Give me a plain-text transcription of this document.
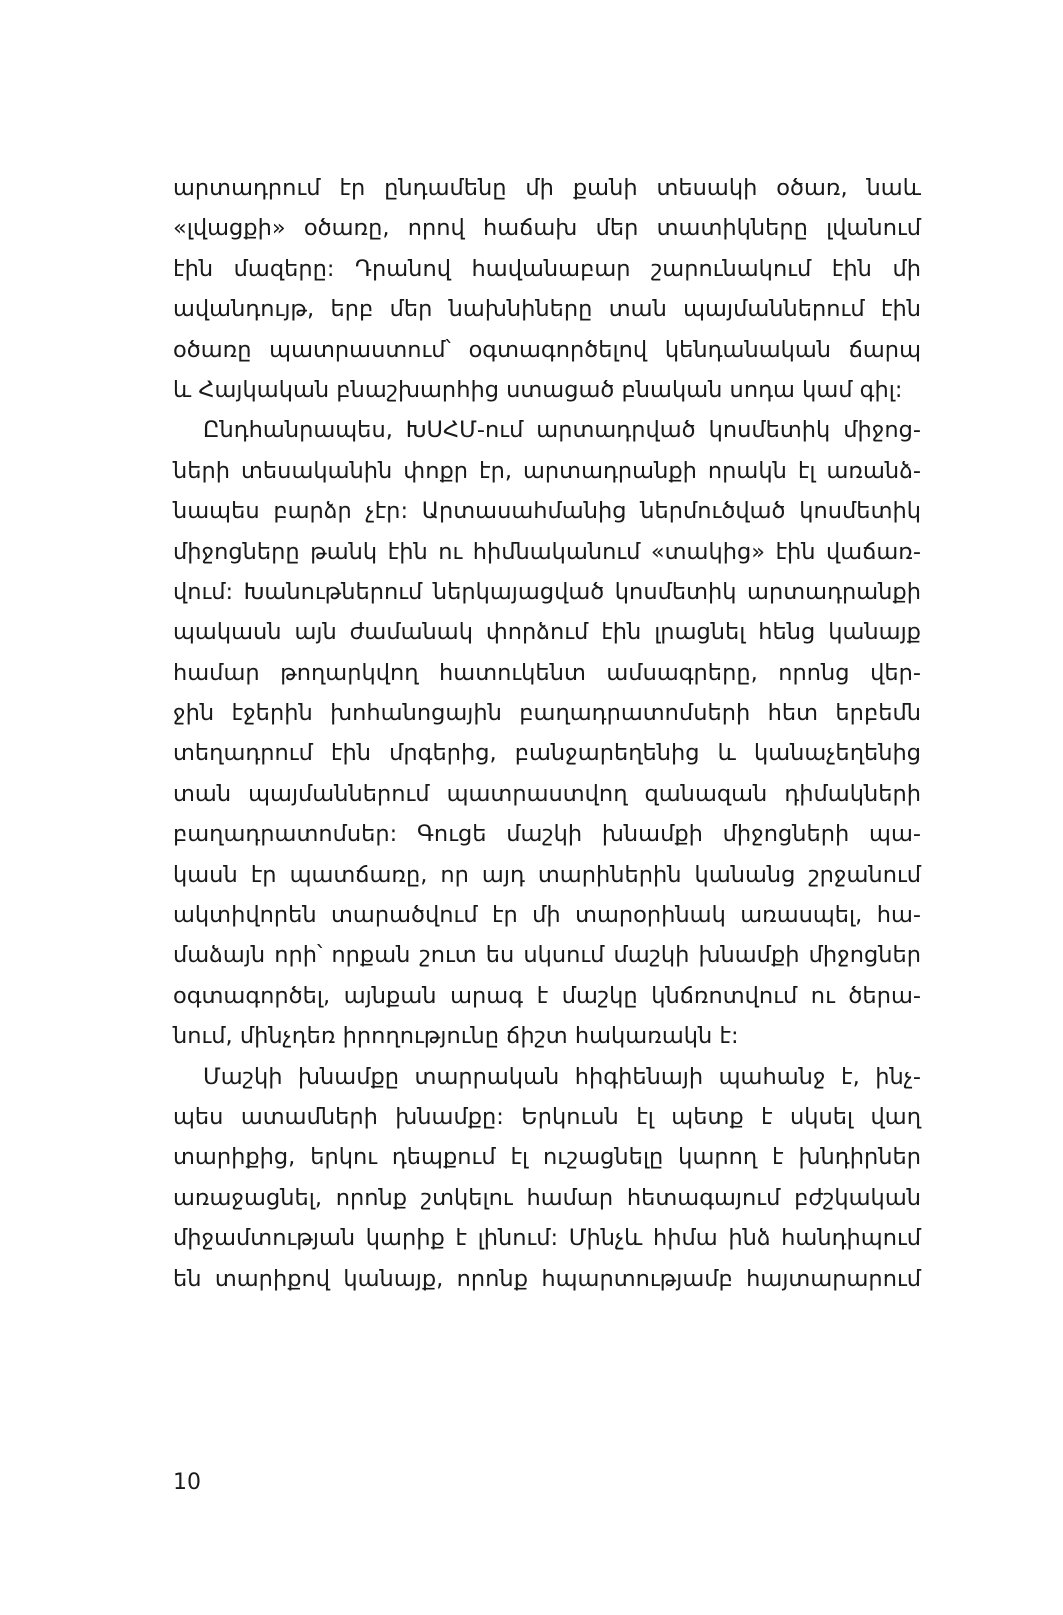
արտադրում էր ընդամենը մի քանի տեսակի օծառ, նաև
«լվացքի» օծառը, որով հաճախ մեր տատիկները լվանում
էին մազերը: Դրանով հավանաբար շարունակում էին մի
ավանդույթ, երբ մեր նախնիները տան պայմաններում էին
օծառը պատրաստում՝ օգտագործելով կենդանական ճարպ
և Հայկական բնաշխարհից ստացած բնական սոդա կամ գիլ:
Ընդհանրապես, ԽՍՀՄ-ում արտադրված կոսմետիկ միջոց-
ների տեսականին փոքր էր, արտադրանքի որակն էլ առանձ-
նապես բարձր չէր: Արտասահմանից ներմուծված կոսմետիկ
միջոցները թանկ էին ու հիմնականում «տակից» էին վաճառ-
վում: Խանութներում ներկայացված կոսմետիկ արտադրանքի
պակասն այն ժամանակ փորձում էին լրացնել հենց կանայք
համար թողարկվող հատուկենտ ամսագրերը, որոնց վեր-
ջին էջերին խոհանոցային բաղադրատոմսերի հետ երբեմն
տեղադրում էին մրգերից, բանջարեղենից և կանաչեղենից
տան պայմաններում պատրաստվող զանազան դիմակների
բաղադրատոմսեր: Գուցե մաշկի խնամքի միջոցների պա-
կասն էր պատճառը, որ այդ տարիներին կանանց շրջանում
ակտիվորեն տարածվում էր մի տարօրինակ առասպել, հա-
մաձայն որի՝ որքան շուտ ես սկսում մաշկի խնամքի միջոցներ
օգտագործել, այնքան արագ է մաշկը կնճռոտվում ու ծերա-
նում, մինչդեռ իրողությունը ճիշտ հակառակն է:
Մաշկի խնամքը տարրական հիգիենայի պահանջ է, ինչ-
պես ատամների խնամքը: Երկուսն էլ պետք է սկսել վաղ
տարիքից, երկու դեպքում էլ ուշացնելը կարող է խնդիրներ
առաջացնել, որոնք շտկելու համար հետագայում բժշկական
միջամտության կարիք է լինում: Մինչև հիմա ինձ հանդիպում
են տարիքով կանայք, որոնք հպարտությամբ հայտարարում
10
